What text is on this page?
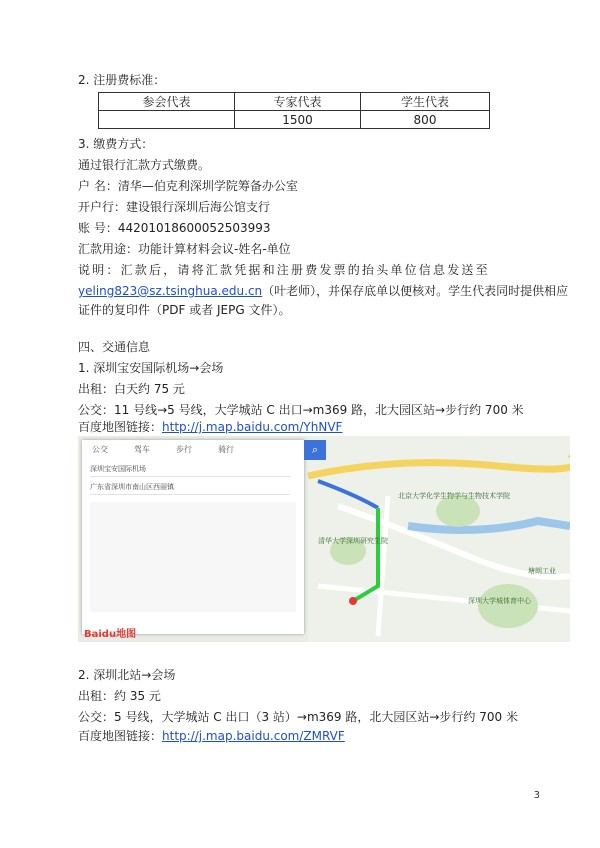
2. 注册费标准：
参会代表	专家代表	学生代表
	1500	800
3. 缴费方式：
通过银行汇款方式缴费。
户 名：清华—伯克利深圳学院筹备办公室
开户行：建设银行深圳后海公馆支行
账 号：44201018600052503993
汇款用途：功能计算材料会议-姓名-单位
说明：汇款后，请将汇款凭据和注册费发票的抬头单位信息发送至
yeling823@sz.tsinghua.edu.cn（叶老师），并保存底单以便核对。学生代表同时提供相应
证件的复印件（PDF 或者 JEPG 文件）。
四、交通信息
1. 深圳宝安国际机场→会场
出租：白天约 75 元
公交：11 号线→5 号线，大学城站 C 出口→m369 路，北大园区站→步行约 700 米
百度地图链接：http://j.map.baidu.com/YhNVF
清华大学深圳研究生院
北京大学化学生物学与生物技术学院
深圳大学城体育中心
塘朗工业
公交	驾车	步行	骑行
深圳宝安国际机场
广东省深圳市南山区西丽镇
⌕
Baidu地图
2. 深圳北站→会场
出租：约 35 元
公交：5 号线，大学城站 C 出口（3 站）→m369 路，北大园区站→步行约 700 米
百度地图链接：http://j.map.baidu.com/ZMRVF
3
